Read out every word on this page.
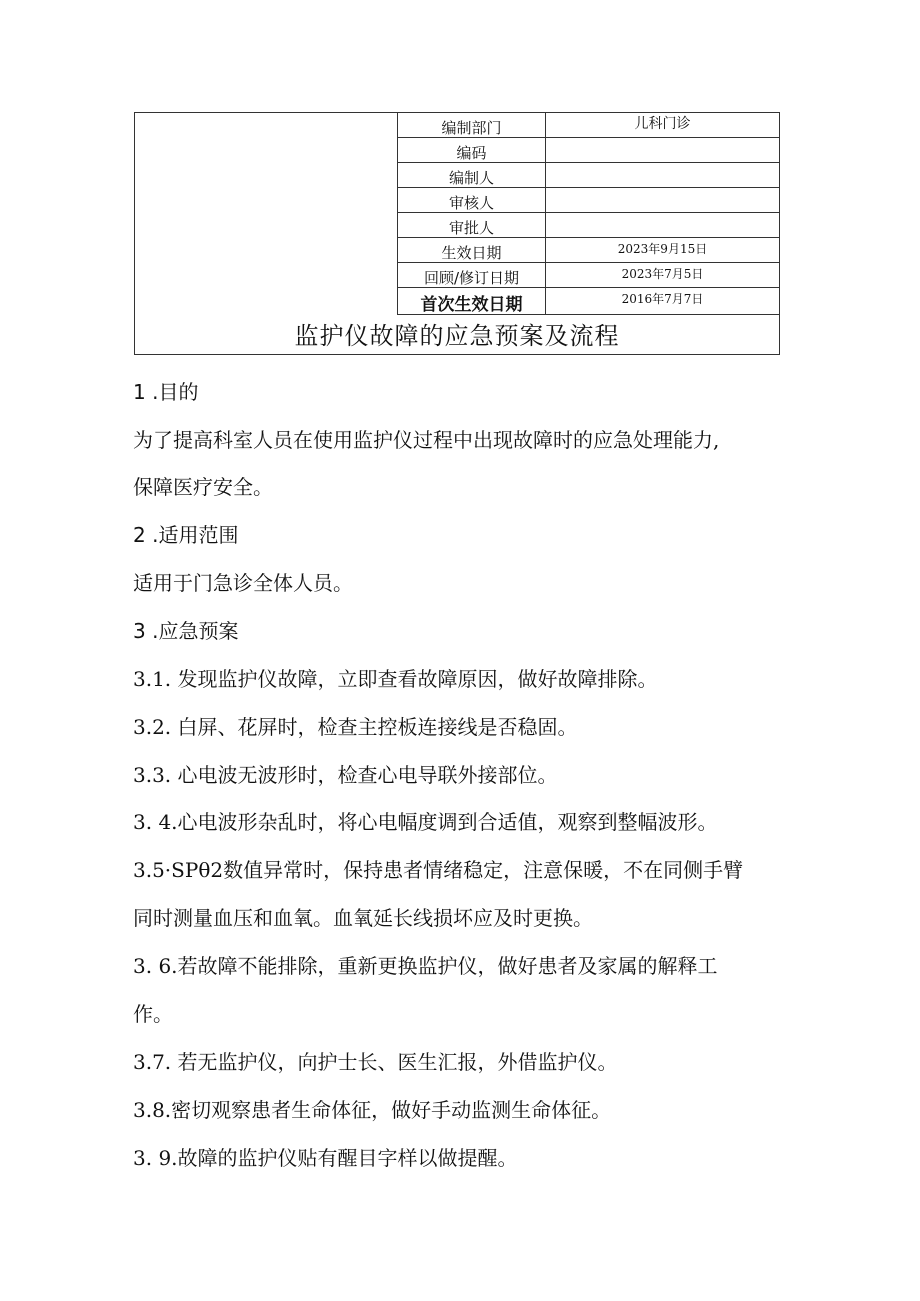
编制部门	儿科门诊
编码
编制人
审核人
审批人
生效日期	2023年9月15日
回顾/修订日期	2023年7月5日
首次生效日期	2016年7月7日
监护仪故障的应急预案及流程
1 .目的
为了提高科室人员在使用监护仪过程中出现故障时的应急处理能力,
保障医疗安全。
2 .适用范围
适用于门急诊全体人员。
3 .应急预案
3.1. 发现监护仪故障，立即查看故障原因，做好故障排除。
3.2. 白屏、花屏时，检查主控板连接线是否稳固。
3.3. 心电波无波形时，检查心电导联外接部位。
3. 4.心电波形杂乱时，将心电幅度调到合适值，观察到整幅波形。
3.5·SPθ2数值异常时，保持患者情绪稳定，注意保暖，不在同侧手臂
同时测量血压和血氧。血氧延长线损坏应及时更换。
3. 6.若故障不能排除，重新更换监护仪，做好患者及家属的解释工
作。
3.7. 若无监护仪，向护士长、医生汇报，外借监护仪。
3.8.密切观察患者生命体征，做好手动监测生命体征。
3. 9.故障的监护仪贴有醒目字样以做提醒。
